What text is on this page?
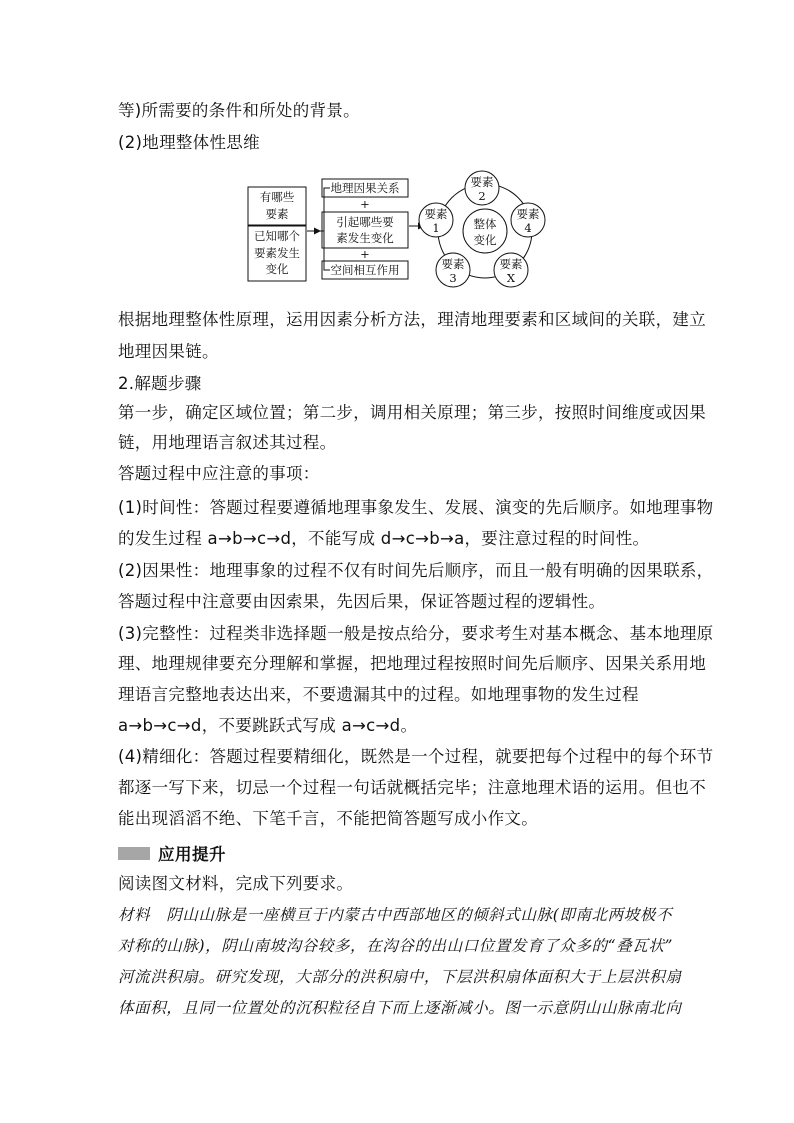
等)所需要的条件和所处的背景。
(2)地理整体性思维
有哪些
要素
已知哪个
要素发生
变化
地理因果关系
+
引起哪些要
素发生变化
+
空间相互作用
整体
变化
要素
2
要素
4
要素
X
要素
3
要素
1
根据地理整体性原理，运用因素分析方法，理清地理要素和区域间的关联，建立
地理因果链。
2.解题步骤
第一步，确定区域位置；第二步，调用相关原理；第三步，按照时间维度或因果
链，用地理语言叙述其过程。
答题过程中应注意的事项：
(1)时间性：答题过程要遵循地理事象发生、发展、演变的先后顺序。如地理事物
的发生过程 a→b→c→d，不能写成 d→c→b→a，要注意过程的时间性。
(2)因果性：地理事象的过程不仅有时间先后顺序，而且一般有明确的因果联系，
答题过程中注意要由因索果，先因后果，保证答题过程的逻辑性。
(3)完整性：过程类非选择题一般是按点给分，要求考生对基本概念、基本地理原
理、地理规律要充分理解和掌握，把地理过程按照时间先后顺序、因果关系用地
理语言完整地表达出来，不要遗漏其中的过程。如地理事物的发生过程
a→b→c→d，不要跳跃式写成 a→c→d。
(4)精细化：答题过程要精细化，既然是一个过程，就要把每个过程中的每个环节
都逐一写下来，切忌一个过程一句话就概括完毕；注意地理术语的运用。但也不
能出现滔滔不绝、下笔千言，不能把简答题写成小作文。
应用提升
阅读图文材料，完成下列要求。
材料　阴山山脉是一座横亘于内蒙古中西部地区的倾斜式山脉(即南北两坡极不
对称的山脉)，阴山南坡沟谷较多，在沟谷的出山口位置发育了众多的“叠瓦状”
河流洪积扇。研究发现，大部分的洪积扇中，下层洪积扇体面积大于上层洪积扇
体面积，且同一位置处的沉积粒径自下而上逐渐减小。图一示意阴山山脉南北向
